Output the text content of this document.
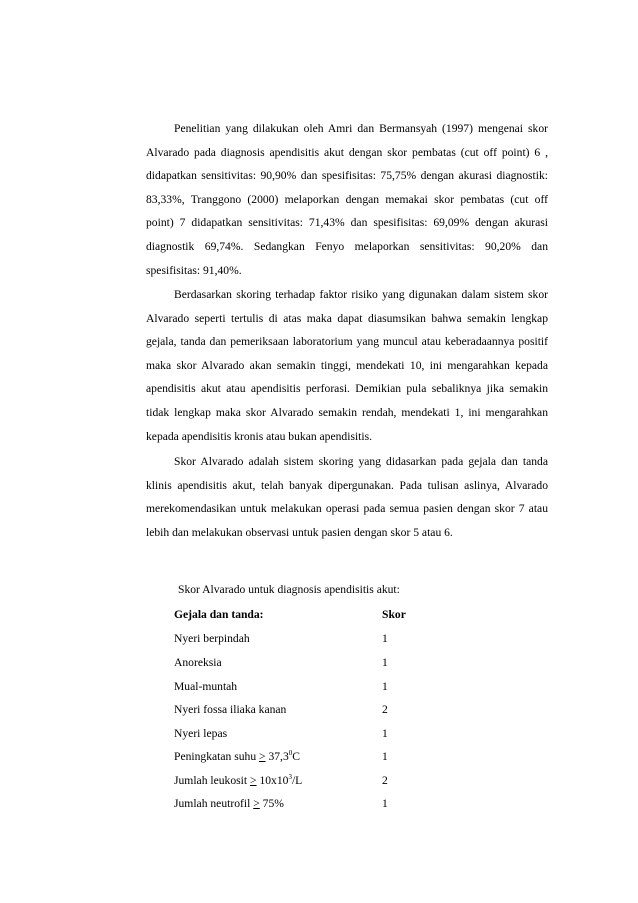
Penelitian yang dilakukan oleh Amri dan Bermansyah (1997) mengenai skor Alvarado pada diagnosis apendisitis akut dengan skor pembatas (cut off point) 6 , didapatkan sensitivitas: 90,90% dan spesifisitas: 75,75% dengan akurasi diagnostik: 83,33%, Tranggono (2000) melaporkan dengan memakai skor pembatas (cut off point) 7 didapatkan sensitivitas: 71,43% dan spesifisitas: 69,09% dengan akurasi diagnostik 69,74%. Sedangkan Fenyo melaporkan sensitivitas: 90,20% dan spesifisitas: 91,40%.
Berdasarkan skoring terhadap faktor risiko yang digunakan dalam sistem skor Alvarado seperti tertulis di atas maka dapat diasumsikan bahwa semakin lengkap gejala, tanda dan pemeriksaan laboratorium yang muncul atau keberadaannya positif maka skor Alvarado akan semakin tinggi, mendekati 10, ini mengarahkan kepada apendisitis akut atau apendisitis perforasi. Demikian pula sebaliknya jika semakin tidak lengkap maka skor Alvarado semakin rendah, mendekati 1, ini mengarahkan kepada apendisitis kronis atau bukan apendisitis.
Skor Alvarado adalah sistem skoring yang didasarkan pada gejala dan tanda klinis apendisitis akut, telah banyak dipergunakan. Pada tulisan aslinya, Alvarado merekomendasikan untuk melakukan operasi pada semua pasien dengan skor 7 atau lebih dan melakukan observasi untuk pasien dengan skor 5 atau 6.
Skor Alvarado untuk diagnosis apendisitis akut:
Gejala dan tanda:	Skor
Nyeri berpindah	1
Anoreksia	1
Mual-muntah	1
Nyeri fossa iliaka kanan	2
Nyeri lepas	1
Peningkatan suhu > $37,3^0C$	1
Jumlah leukosit > $10x10^3/L$	2
Jumlah neutrofil > 75%	1
